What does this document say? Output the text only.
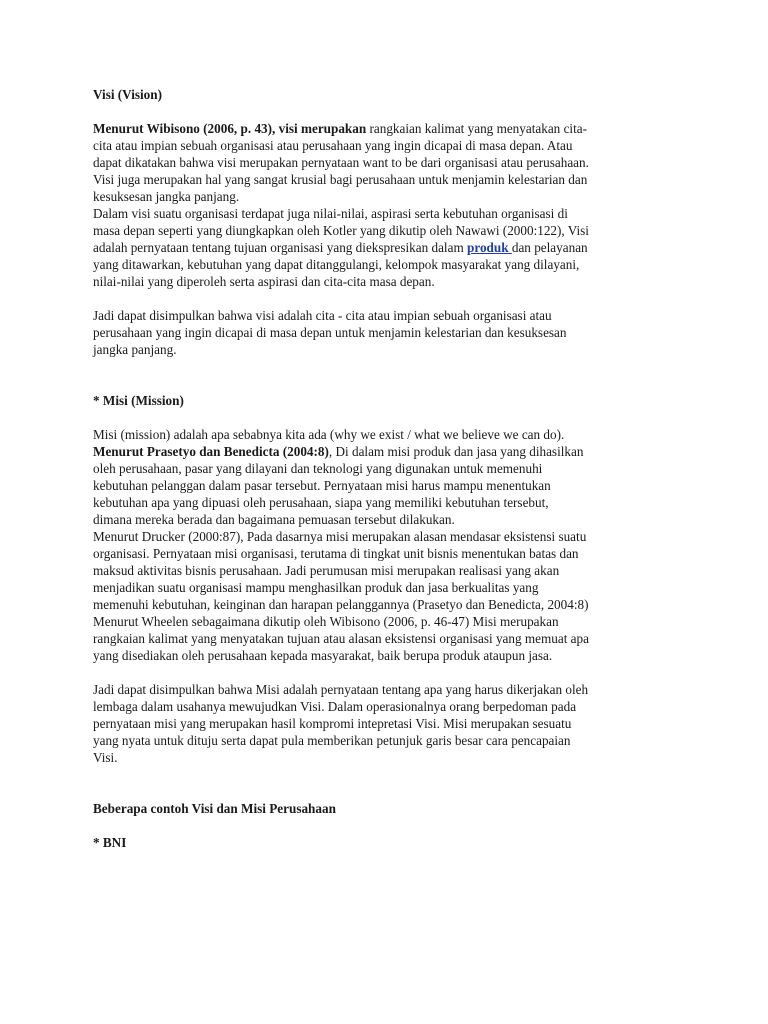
Visi (Vision)
Menurut Wibisono (2006, p. 43), visi merupakan rangkaian kalimat yang menyatakan cita-
cita atau impian sebuah organisasi atau perusahaan yang ingin dicapai di masa depan. Atau
dapat dikatakan bahwa visi merupakan pernyataan want to be dari organisasi atau perusahaan.
Visi juga merupakan hal yang sangat krusial bagi perusahaan untuk menjamin kelestarian dan
kesuksesan jangka panjang.
Dalam visi suatu organisasi terdapat juga nilai-nilai, aspirasi serta kebutuhan organisasi di
masa depan seperti yang diungkapkan oleh Kotler yang dikutip oleh Nawawi (2000:122), Visi
adalah pernyataan tentang tujuan organisasi yang diekspresikan dalam produk dan pelayanan
yang ditawarkan, kebutuhan yang dapat ditanggulangi, kelompok masyarakat yang dilayani,
nilai-nilai yang diperoleh serta aspirasi dan cita-cita masa depan.
Jadi dapat disimpulkan bahwa visi adalah cita - cita atau impian sebuah organisasi atau
perusahaan yang ingin dicapai di masa depan untuk menjamin kelestarian dan kesuksesan
jangka panjang.
* Misi (Mission)
Misi (mission) adalah apa sebabnya kita ada (why we exist / what we believe we can do).
Menurut Prasetyo dan Benedicta (2004:8), Di dalam misi produk dan jasa yang dihasilkan
oleh perusahaan, pasar yang dilayani dan teknologi yang digunakan untuk memenuhi
kebutuhan pelanggan dalam pasar tersebut. Pernyataan misi harus mampu menentukan
kebutuhan apa yang dipuasi oleh perusahaan, siapa yang memiliki kebutuhan tersebut,
dimana mereka berada dan bagaimana pemuasan tersebut dilakukan.
Menurut Drucker (2000:87), Pada dasarnya misi merupakan alasan mendasar eksistensi suatu
organisasi. Pernyataan misi organisasi, terutama di tingkat unit bisnis menentukan batas dan
maksud aktivitas bisnis perusahaan. Jadi perumusan misi merupakan realisasi yang akan
menjadikan suatu organisasi mampu menghasilkan produk dan jasa berkualitas yang
memenuhi kebutuhan, keinginan dan harapan pelanggannya (Prasetyo dan Benedicta, 2004:8)
Menurut Wheelen sebagaimana dikutip oleh Wibisono (2006, p. 46-47) Misi merupakan
rangkaian kalimat yang menyatakan tujuan atau alasan eksistensi organisasi yang memuat apa
yang disediakan oleh perusahaan kepada masyarakat, baik berupa produk ataupun jasa.
Jadi dapat disimpulkan bahwa Misi adalah pernyataan tentang apa yang harus dikerjakan oleh
lembaga dalam usahanya mewujudkan Visi. Dalam operasionalnya orang berpedoman pada
pernyataan misi yang merupakan hasil kompromi intepretasi Visi. Misi merupakan sesuatu
yang nyata untuk dituju serta dapat pula memberikan petunjuk garis besar cara pencapaian
Visi.
Beberapa contoh Visi dan Misi Perusahaan
* BNI
